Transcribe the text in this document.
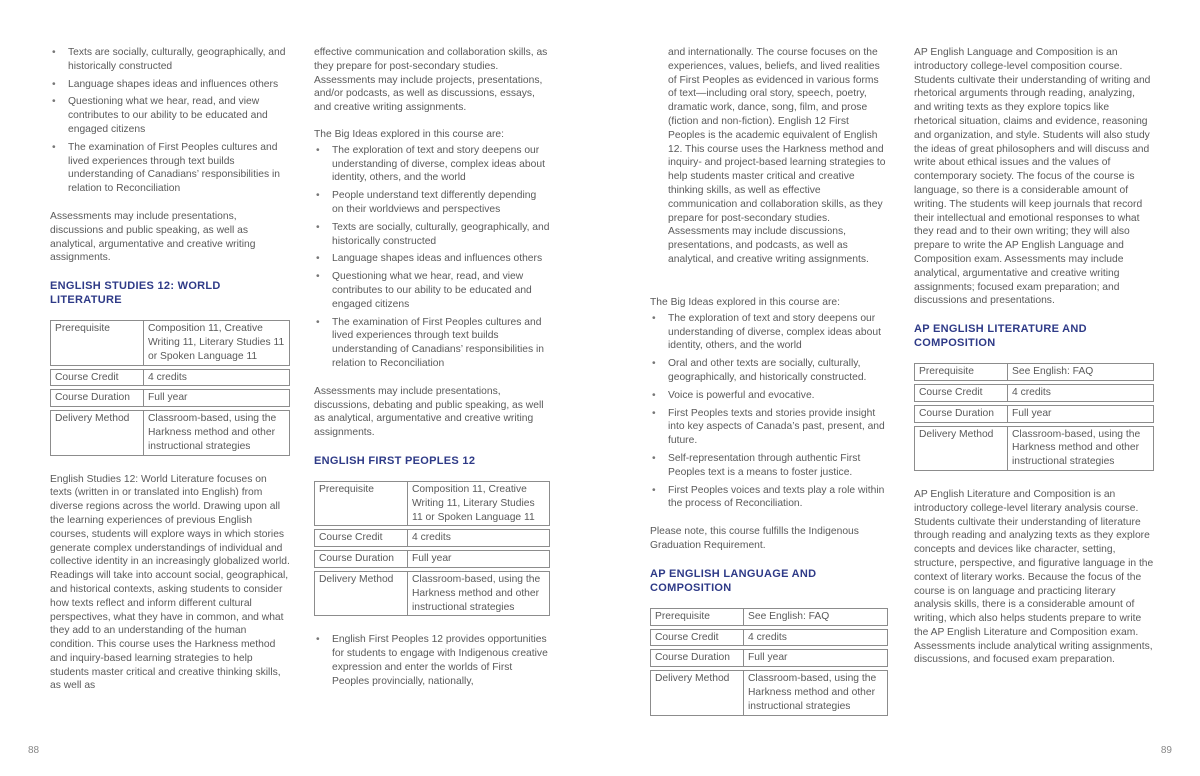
• Texts are socially, culturally, geographically, and historically constructed
• Language shapes ideas and influences others
• Questioning what we hear, read, and view contributes to our ability to be educated and engaged citizens
• The examination of First Peoples cultures and lived experiences through text builds understanding of Canadians’ responsibilities in relation to Reconciliation

Assessments may include presentations, discussions and public speaking, as well as analytical, argumentative and creative writing assignments.

ENGLISH STUDIES 12: WORLD LITERATURE
Prerequisite	Composition 11, Creative Writing 11, Literary Studies 11 or Spoken Language 11
Course Credit	4 credits
Course Duration	Full year
Delivery Method	Classroom-based, using the Harkness method and other instructional strategies

English Studies 12: World Literature focuses on texts (written in or translated into English) from diverse regions across the world. Drawing upon all the learning experiences of previous English courses, students will explore ways in which stories generate complex understandings of individual and collective identity in an increasingly globalized world. Readings will take into account social, geographical, and historical contexts, asking students to consider how texts reflect and inform different cultural perspectives, what they have in common, and what they add to an understanding of the human condition. This course uses the Harkness method and inquiry-based learning strategies to help students master critical and creative thinking skills, as well as

effective communication and collaboration skills, as they prepare for post-secondary studies. Assessments may include projects, presentations, and/or podcasts, as well as discussions, essays, and creative writing assignments.

The Big Ideas explored in this course are:

• The exploration of text and story deepens our understanding of diverse, complex ideas about identity, others, and the world
• People understand text differently depending on their worldviews and perspectives
• Texts are socially, culturally, geographically, and historically constructed
• Language shapes ideas and influences others
• Questioning what we hear, read, and view contributes to our ability to be educated and engaged citizens
• The examination of First Peoples cultures and lived experiences through text builds understanding of Canadians’ responsibilities in relation to Reconciliation

Assessments may include presentations, discussions, debating and public speaking, as well as analytical, argumentative and creative writing assignments.

ENGLISH FIRST PEOPLES 12
Prerequisite	Composition 11, Creative Writing 11, Literary Studies 11 or Spoken Language 11
Course Credit	4 credits
Course Duration	Full year
Delivery Method	Classroom-based, using the Harkness method and other instructional strategies
• English First Peoples 12 provides opportunities for students to engage with Indigenous creative expression and enter the worlds of First Peoples provincially, nationally,

and internationally. The course focuses on the experiences, values, beliefs, and lived realities of First Peoples as evidenced in various forms of text—including oral story, speech, poetry, dramatic work, dance, song, film, and prose (fiction and non-fiction). English 12 First Peoples is the academic equivalent of English 12. This course uses the Harkness method and inquiry- and project-based learning strategies to help students master critical and creative thinking skills, as well as effective communication and collaboration skills, as they prepare for post-secondary studies. Assessments may include discussions, presentations, and podcasts, as well as analytical, and creative writing assignments.

The Big Ideas explored in this course are:

• The exploration of text and story deepens our understanding of diverse, complex ideas about identity, others, and the world
• Oral and other texts are socially, culturally, geographically, and historically constructed.
• Voice is powerful and evocative.
• First Peoples texts and stories provide insight into key aspects of Canada’s past, present, and future.
• Self-representation through authentic First Peoples text is a means to foster justice.
• First Peoples voices and texts play a role within the process of Reconciliation.

Please note, this course fulfills the Indigenous Graduation Requirement.

AP ENGLISH LANGUAGE AND COMPOSITION
Prerequisite	See English: FAQ
Course Credit	4 credits
Course Duration	Full year
Delivery Method	Classroom-based, using the Harkness method and other instructional strategies

AP English Language and Composition is an introductory college-level composition course. Students cultivate their understanding of writing and rhetorical arguments through reading, analyzing, and writing texts as they explore topics like rhetorical situation, claims and evidence, reasoning and organization, and style. Students will also study the ideas of great philosophers and will discuss and write about ethical issues and the values of contemporary society. The focus of the course is language, so there is a considerable amount of writing. The students will keep journals that record their intellectual and emotional responses to what they read and to their own writing; they will also prepare to write the AP English Language and Composition exam. Assessments may include analytical, argumentative and creative writing assignments; focused exam preparation; and discussions and presentations.

AP ENGLISH LITERATURE AND COMPOSITION
Prerequisite	See English: FAQ
Course Credit	4 credits
Course Duration	Full year
Delivery Method	Classroom-based, using the Harkness method and other instructional strategies

AP English Literature and Composition is an introductory college-level literary analysis course. Students cultivate their understanding of literature through reading and analyzing texts as they explore concepts and devices like character, setting, structure, perspective, and figurative language in the context of literary works. Because the focus of the course is on language and practicing literary analysis skills, there is a considerable amount of writing, which also helps students prepare to write the AP English Literature and Composition exam. Assessments include analytical writing assignments, discussions, and focused exam preparation.

88	89
